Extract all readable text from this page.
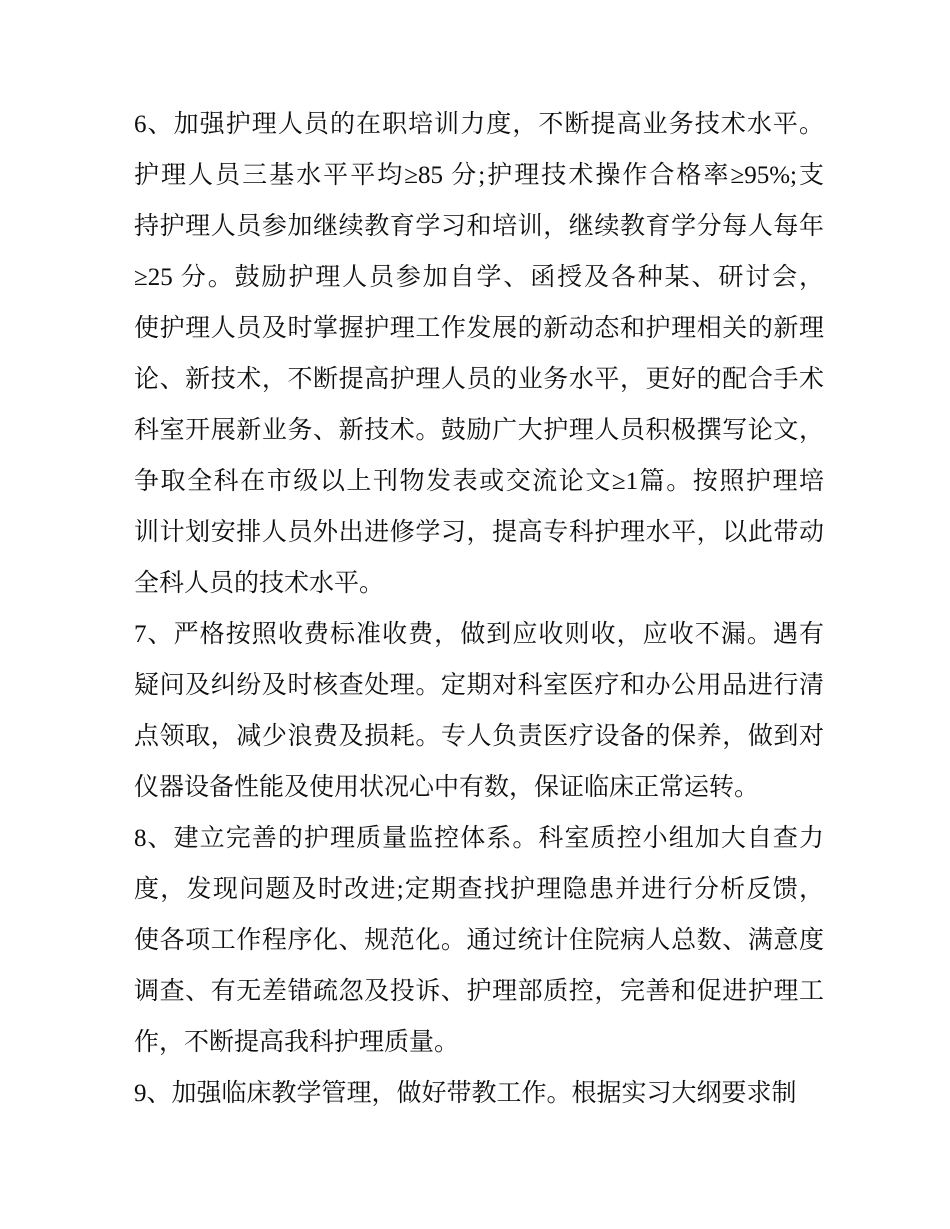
6、加强护理人员的在职培训力度，不断提高业务技术水平。
护理人员三基水平平均≥85 分;护理技术操作合格率≥95%;支
持护理人员参加继续教育学习和培训，继续教育学分每人每年
≥25 分。鼓励护理人员参加自学、函授及各种某、研讨会，
使护理人员及时掌握护理工作发展的新动态和护理相关的新理
论、新技术，不断提高护理人员的业务水平，更好的配合手术
科室开展新业务、新技术。鼓励广大护理人员积极撰写论文，
争取全科在市级以上刊物发表或交流论文≥1篇。按照护理培
训计划安排人员外出进修学习，提高专科护理水平，以此带动
全科人员的技术水平。

7、严格按照收费标准收费，做到应收则收，应收不漏。遇有
疑问及纠纷及时核查处理。定期对科室医疗和办公用品进行清
点领取，减少浪费及损耗。专人负责医疗设备的保养，做到对
仪器设备性能及使用状况心中有数，保证临床正常运转。

8、建立完善的护理质量监控体系。科室质控小组加大自查力
度，发现问题及时改进;定期查找护理隐患并进行分析反馈，
使各项工作程序化、规范化。通过统计住院病人总数、满意度
调查、有无差错疏忽及投诉、护理部质控，完善和促进护理工
作，不断提高我科护理质量。

9、加强临床教学管理，做好带教工作。根据实习大纲要求制
